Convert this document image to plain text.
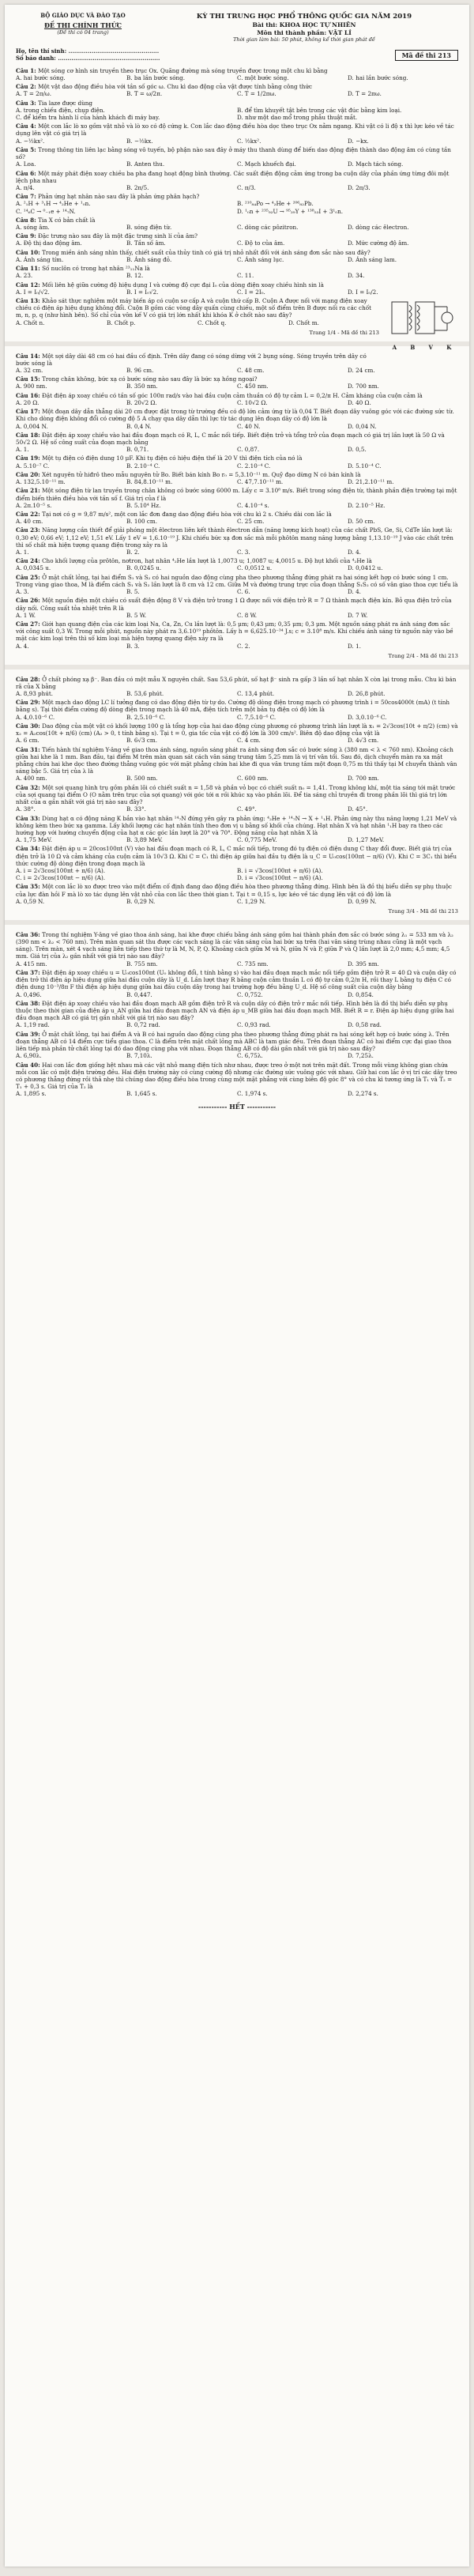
BỘ GIÁO DỤC VÀ ĐÀO TẠO
ĐỀ THI CHÍNH THỨC
(Đề thi có 04 trang)
KỲ THI TRUNG HỌC PHỔ THÔNG QUỐC GIA NĂM 2019
Bài thi: KHOA HỌC TỰ NHIÊN
Môn thi thành phần: VẬT LÍ
Thời gian làm bài: 50 phút, không kể thời gian phát đề
Họ, tên thí sinh: ...............................................
Số báo danh: .....................................................	Mã đề thi 213
Câu 1: Một sóng cơ hình sin truyền theo trục Ox. Quãng đường mà sóng truyền được trong một chu kì bằng
A. hai bước sóng.	B. ba lần bước sóng.	C. một bước sóng.	D. hai lần bước sóng.
Câu 2: Một vật dao động điều hòa với tần số góc ω. Chu kì dao động của vật được tính bằng công thức
A. T = 2π/ω.	B. T = ω/2π.	C. T = 1/2πω.	D. T = 2πω.
Câu 3: Tia laze được dùng
A. trong chiếu điện, chụp điện.	B. để tìm khuyết tật bên trong các vật đúc bằng kim loại.
C. để kiểm tra hành lí của hành khách đi máy bay.	D. như một dao mổ trong phẫu thuật mắt.
Câu 4: Một con lắc lò xo gồm vật nhỏ và lò xo có độ cứng k. Con lắc dao động điều hòa dọc theo trục Ox nằm ngang. Khi vật có li độ x thì lực kéo về tác dụng lên vật có giá trị là
A. −½kx².	B. −½kx.	C. ½kx².	D. −kx.
Câu 5: Trong thông tin liên lạc bằng sóng vô tuyến, bộ phận nào sau đây ở máy thu thanh dùng để biến dao động điện thành dao động âm có cùng tần số?
A. Loa.	B. Anten thu.	C. Mạch khuếch đại.	D. Mạch tách sóng.
Câu 6: Một máy phát điện xoay chiều ba pha đang hoạt động bình thường. Các suất điện động cảm ứng trong ba cuộn dây của phần ứng từng đôi một lệch pha nhau
A. π/4.	B. 2π/5.	C. π/3.	D. 2π/3.
Câu 7: Phản ứng hạt nhân nào sau đây là phản ứng phân hạch?
A. ²₁H + ³₁H → ⁴₂He + ¹₀n.	B. ²¹⁰₈₄Po → ⁴₂He + ²⁰⁶₈₂Pb.
C. ¹⁴₆C → ⁰₋₁e + ¹⁴₇N.	D. ¹₀n + ²³⁵₉₂U → ⁹⁵₃₉Y + ¹³⁸₅₃I + 3¹₀n.
Câu 8: Tia X có bản chất là
A. sóng âm.	B. sóng điện từ.	C. dòng các pôzitron.	D. dòng các êlectron.
Câu 9: Đặc trưng nào sau đây là một đặc trưng sinh lí của âm?
A. Độ thị dao động âm.	B. Tần số âm.	C. Độ to của âm.	D. Mức cường độ âm.
Câu 10: Trong miền ánh sáng nhìn thấy, chiết suất của thủy tinh có giá trị nhỏ nhất đối với ánh sáng đơn sắc nào sau đây?
A. Ánh sáng tím.	B. Ánh sáng đỏ.	C. Ánh sáng lục.	D. Ánh sáng lam.
Câu 11: Số nuclôn có trong hạt nhân ²³₁₁Na là
A. 23.	B. 12.	C. 11.	D. 34.
Câu 12: Mối liên hệ giữa cường độ hiệu dụng I và cường độ cực đại I₀ của dòng điện xoay chiều hình sin là
A. I = I₀/√2.	B. I = I₀√2.	C. I = 2I₀.	D. I = I₀/2.
A B V K
Câu 13: Khảo sát thực nghiệm một máy biến áp có cuộn sơ cấp A và cuộn thứ cấp B. Cuộn A được nối với mạng điện xoay chiều có điện áp hiệu dụng không đổi. Cuộn B gồm các vòng dây quấn cùng chiều, một số điểm trên B được nối ra các chốt m, n, p, q (như hình bên). Số chỉ của vôn kế V có giá trị lớn nhất khi khóa K ở chốt nào sau đây?
A. Chốt n.	B. Chốt p.	C. Chốt q.	D. Chốt m.
Trang 1/4 - Mã đề thi 213
Câu 14: Một sợi dây dài 48 cm có hai đầu cố định. Trên dây đang có sóng dừng với 2 bụng sóng. Sóng truyền trên dây có bước sóng là
A. 32 cm.	B. 96 cm.	C. 48 cm.	D. 24 cm.
Câu 15: Trong chân không, bức xạ có bước sóng nào sau đây là bức xạ hồng ngoại?
A. 900 nm.	B. 350 nm.	C. 450 nm.	D. 700 nm.
Câu 16: Đặt điện áp xoay chiều có tần số góc 100π rad/s vào hai đầu cuộn cảm thuần có độ tự cảm L = 0,2/π H. Cảm kháng của cuộn cảm là
A. 20 Ω.	B. 20√2 Ω.	C. 10√2 Ω.	D. 40 Ω.
Câu 17: Một đoạn dây dẫn thẳng dài 20 cm được đặt trong từ trường đều có độ lớn cảm ứng từ là 0,04 T. Biết đoạn dây vuông góc với các đường sức từ. Khi cho dòng điện không đổi có cường độ 5 A chạy qua dây dẫn thì lực từ tác dụng lên đoạn dây có độ lớn là
A. 0,004 N.	B. 0,4 N.	C. 40 N.	D. 0,04 N.
Câu 18: Đặt điện áp xoay chiều vào hai đầu đoạn mạch có R, L, C mắc nối tiếp. Biết điện trở và tổng trở của đoạn mạch có giá trị lần lượt là 50 Ω và 50√2 Ω. Hệ số công suất của đoạn mạch bằng
A. 1.	B. 0,71.	C. 0,87.	D. 0,5.
Câu 19: Một tụ điện có điện dung 10 μF. Khi tụ điện có hiệu điện thế là 20 V thì điện tích của nó là
A. 5.10⁻⁷ C.	B. 2.10⁻⁴ C.	C. 2.10⁻⁴ C.	D. 5.10⁻⁴ C.
Câu 20: Xét nguyên tử hiđrô theo mẫu nguyên tử Bo. Biết bán kính Bo r₀ = 5,3.10⁻¹¹ m. Quỹ đạo dừng N có bán kính là
A. 132,5.10⁻¹¹ m.	B. 84,8.10⁻¹¹ m.	C. 47,7.10⁻¹¹ m.	D. 21,2.10⁻¹¹ m.
Câu 21: Một sóng điện từ lan truyền trong chân không có bước sóng 6000 m. Lấy c = 3.10⁸ m/s. Biết trong sóng điện từ, thành phần điện trường tại một điểm biến thiên điều hòa với tần số f. Giá trị của f là
A. 2π.10⁻⁵ s.	B. 5.10⁴ Hz.	C. 4.10⁻⁴ s.	D. 2.10⁻⁵ Hz.
Câu 22: Tại nơi có g = 9,87 m/s², một con lắc đơn đang dao động điều hòa với chu kì 2 s. Chiều dài con lắc là
A. 40 cm.	B. 100 cm.	C. 25 cm.	D. 50 cm.
Câu 23: Năng lượng cần thiết để giải phóng một êlectron liên kết thành êlectron dẫn (năng lượng kích hoạt) của các chất PbS, Ge, Si, CdTe lần lượt là: 0,30 eV; 0,66 eV; 1,12 eV; 1,51 eV. Lấy 1 eV = 1,6.10⁻¹⁹ J. Khi chiếu bức xạ đơn sắc mà mỗi phôtôn mang năng lượng bằng 1,13.10⁻¹⁹ J vào các chất trên thì số chất mà hiện tượng quang điện trong xảy ra là
A. 1.	B. 2.	C. 3.	D. 4.
Câu 24: Cho khối lượng của prôtôn, nơtron, hạt nhân ⁴₂He lần lượt là 1,0073 u; 1,0087 u; 4,0015 u. Độ hụt khối của ⁴₂He là
A. 0,0345 u.	B. 0,0245 u.	C. 0,0512 u.	D. 0,0412 u.
Câu 25: Ở mặt chất lỏng, tại hai điểm S₁ và S₂ có hai nguồn dao động cùng pha theo phương thẳng đứng phát ra hai sóng kết hợp có bước sóng 1 cm. Trong vùng giao thoa, M là điểm cách S₁ và S₂ lần lượt là 8 cm và 12 cm. Giữa M và đường trung trực của đoạn thẳng S₁S₂ có số vân giao thoa cực tiểu là
A. 3.	B. 5.	C. 6.	D. 4.
Câu 26: Một nguồn điện một chiều có suất điện động 8 V và điện trở trong 1 Ω được nối với điện trở R = 7 Ω thành mạch điện kín. Bỏ qua điện trở của dây nối. Công suất tỏa nhiệt trên R là
A. 1 W.	B. 5 W.	C. 8 W.	D. 7 W.
Câu 27: Giới hạn quang điện của các kim loại Na, Ca, Zn, Cu lần lượt là: 0,5 μm; 0,43 μm; 0,35 μm; 0,3 μm. Một nguồn sáng phát ra ánh sáng đơn sắc với công suất 0,3 W. Trong mỗi phút, nguồn này phát ra 3,6.10¹⁹ phôtôn. Lấy h = 6,625.10⁻³⁴ J.s; c = 3.10⁸ m/s. Khi chiếu ánh sáng từ nguồn này vào bề mặt các kim loại trên thì số kim loại mà hiện tượng quang điện xảy ra là
A. 4.	B. 3.	C. 2.	D. 1.
Trang 2/4 - Mã đề thi 213
Câu 28: Ở chất phóng xạ β⁻. Ban đầu có một mẫu X nguyên chất. Sau 53,6 phút, số hạt β⁻ sinh ra gấp 3 lần số hạt nhân X còn lại trong mẫu. Chu kì bán rã của X bằng
A. 8,93 phút.	B. 53,6 phút.	C. 13,4 phút.	D. 26,8 phút.
Câu 29: Một mạch dao động LC lí tưởng đang có dao động điện từ tự do. Cường độ dòng điện trong mạch có phương trình i = 50cos4000t (mA) (t tính bằng s). Tại thời điểm cường độ dòng điện trong mạch là 40 mA, điện tích trên một bản tụ điện có độ lớn là
A. 4,0.10⁻⁶ C.	B. 2,5.10⁻⁶ C.	C. 7,5.10⁻⁶ C.	D. 3,0.10⁻⁶ C.
Câu 30: Dao động của một vật có khối lượng 100 g là tổng hợp của hai dao động cùng phương có phương trình lần lượt là x₁ = 2√3cos(10t + π/2) (cm) và x₂ = A₂cos(10t + π/6) (cm) (A₂ > 0, t tính bằng s). Tại t = 0, gia tốc của vật có độ lớn là 300 cm/s². Biên độ dao động của vật là
A. 6 cm.	B. 6√3 cm.	C. 4 cm.	D. 4√3 cm.
Câu 31: Tiến hành thí nghiệm Y-âng về giao thoa ánh sáng, nguồn sáng phát ra ánh sáng đơn sắc có bước sóng λ (380 nm < λ < 760 nm). Khoảng cách giữa hai khe là 1 mm. Ban đầu, tại điểm M trên màn quan sát cách vân sáng trung tâm 5,25 mm là vị trí vân tối. Sau đó, dịch chuyển màn ra xa mặt phẳng chứa hai khe dọc theo đường thẳng vuông góc với mặt phẳng chứa hai khe đi qua vân trung tâm một đoạn 0,75 m thì thấy tại M chuyển thành vân sáng bậc 5. Giá trị của λ là
A. 400 nm.	B. 500 nm.	C. 600 nm.	D. 700 nm.
Câu 32: Một sợi quang hình trụ gồm phần lõi có chiết suất n = 1,58 và phần vỏ bọc có chiết suất n₀ = 1,41. Trong không khí, một tia sáng tới mặt trước của sợi quang tại điểm O (O nằm trên trục của sợi quang) với góc tới α rồi khúc xạ vào phần lõi. Để tia sáng chỉ truyền đi trong phần lõi thì giá trị lớn nhất của α gần nhất với giá trị nào sau đây?
A. 38°.	B. 33°.	C. 49°.	D. 45°.
Câu 33: Dùng hạt α có động năng K bắn vào hạt nhân ¹⁴₇N đứng yên gây ra phản ứng: ⁴₂He + ¹⁴₇N → X + ¹₁H. Phản ứng này thu năng lượng 1,21 MeV và không kèm theo bức xạ gamma. Lấy khối lượng các hạt nhân tính theo đơn vị u bằng số khối của chúng. Hạt nhân X và hạt nhân ¹₁H bay ra theo các hướng hợp với hướng chuyển động của hạt α các góc lần lượt là 20° và 70°. Động năng của hạt nhân X là
A. 1,75 MeV.	B. 3,89 MeV.	C. 0,775 MeV.	D. 1,27 MeV.
Câu 34: Đặt điện áp u = 20cos100πt (V) vào hai đầu đoạn mạch có R, L, C mắc nối tiếp, trong đó tụ điện có điện dung C thay đổi được. Biết giá trị của điện trở là 10 Ω và cảm kháng của cuộn cảm là 10√3 Ω. Khi C = C₁ thì điện áp giữa hai đầu tụ điện là u_C = U₀cos(100πt − π/6) (V). Khi C = 3C₁ thì biểu thức cường độ dòng điện trong đoạn mạch là
A. i = 2√3cos(100πt + π/6) (A).	B. i = √3cos(100πt + π/6) (A).
C. i = 2√3cos(100πt − π/6) (A).	D. i = √3cos(100πt − π/6) (A).
Câu 35: Một con lắc lò xo được treo vào một điểm cố định đang dao động điều hòa theo phương thẳng đứng. Hình bên là đồ thị biểu diễn sự phụ thuộc của lực đàn hồi F mà lò xo tác dụng lên vật nhỏ của con lắc theo thời gian t. Tại t = 0,15 s, lực kéo về tác dụng lên vật có độ lớn là
A. 0,59 N.	B. 0,29 N.	C. 1,29 N.	D. 0,99 N.
Trang 3/4 - Mã đề thi 213
Câu 36: Trong thí nghiệm Y-âng về giao thoa ánh sáng, hai khe được chiếu bằng ánh sáng gồm hai thành phần đơn sắc có bước sóng λ₁ = 533 nm và λ₂ (390 nm < λ₂ < 760 nm). Trên màn quan sát thu được các vạch sáng là các vân sáng của hai bức xạ trên (hai vân sáng trùng nhau cũng là một vạch sáng). Trên màn, xét 4 vạch sáng liên tiếp theo thứ tự là M, N, P, Q. Khoảng cách giữa M và N, giữa N và P, giữa P và Q lần lượt là 2,0 mm; 4,5 mm; 4,5 mm. Giá trị của λ₂ gần nhất với giá trị nào sau đây?
A. 415 nm.	B. 755 nm.	C. 735 nm.	D. 395 nm.
Câu 37: Đặt điện áp xoay chiều u = U₀cos100πt (U₀ không đổi, t tính bằng s) vào hai đầu đoạn mạch mắc nối tiếp gồm điện trở R = 40 Ω và cuộn dây có điện trở thì điện áp hiệu dụng giữa hai đầu cuộn dây là U_d. Lần lượt thay R bằng cuộn cảm thuần L có độ tự cảm 0,2/π H, rồi thay L bằng tụ điện C có điện dung 10⁻³/8π F thì điện áp hiệu dụng giữa hai đầu cuộn dây trong hai trường hợp đều bằng U_d. Hệ số công suất của cuộn dây bằng
A. 0,496.	B. 0,447.	C. 0,752.	D. 0,854.
Câu 38: Đặt điện áp xoay chiều vào hai đầu đoạn mạch AB gồm điện trở R và cuộn dây có điện trở r mắc nối tiếp. Hình bên là đồ thị biểu diễn sự phụ thuộc theo thời gian của điện áp u_AN giữa hai đầu đoạn mạch AN và điện áp u_MB giữa hai đầu đoạn mạch MB. Biết R = r. Điện áp hiệu dụng giữa hai đầu đoạn mạch AB có giá trị gần nhất với giá trị nào sau đây?
A. 1,19 rad.	B. 0,72 rad.	C. 0,93 rad.	D. 0,58 rad.
Câu 39: Ở mặt chất lỏng, tại hai điểm A và B có hai nguồn dao động cùng pha theo phương thẳng đứng phát ra hai sóng kết hợp có bước sóng λ. Trên đoạn thẳng AB có 14 điểm cực tiểu giao thoa. C là điểm trên mặt chất lỏng mà ABC là tam giác đều. Trên đoạn thẳng AC có hai điểm cực đại giao thoa liên tiếp mà phần tử chất lỏng tại đó dao động cùng pha với nhau. Đoạn thẳng AB có độ dài gần nhất với giá trị nào sau đây?
A. 6,90λ.	B. 7,10λ.	C. 6,75λ.	D. 7,25λ.
Câu 40: Hai con lắc đơn giống hệt nhau mà các vật nhỏ mang điện tích như nhau, được treo ở một nơi trên mặt đất. Trong mỗi vùng không gian chứa mỗi con lắc có một điện trường đều. Hai điện trường này có cùng cường độ nhưng các đường sức vuông góc với nhau. Giữ hai con lắc ở vị trí các dây treo có phương thẳng đứng rồi thả nhẹ thì chúng dao động điều hòa trong cùng một mặt phẳng với cùng biên độ góc 8° và có chu kì tương ứng là T₁ và T₂ = T₁ + 0,3 s. Giá trị của T₂ là
A. 1,895 s.	B. 1,645 s.	C. 1,974 s.	D. 2,274 s.
----------- HẾT -----------
